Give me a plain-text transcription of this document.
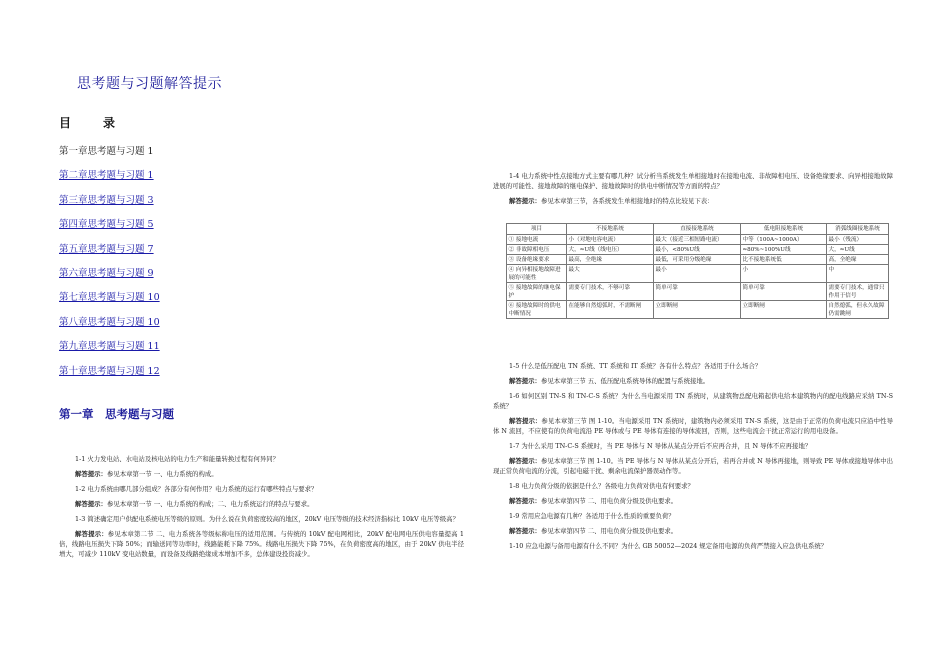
思考题与习题解答提示
目　录
第一章思考题与习题 1
第二章思考题与习题 1
第三章思考题与习题 3
第四章思考题与习题 5
第五章思考题与习题 7
第六章思考题与习题 9
第七章思考题与习题 10
第八章思考题与习题 10
第九章思考题与习题 11
第十章思考题与习题 12
第一章　思考题与习题

1-1 火力发电站、水电站及核电站的电力生产和能量转换过程有何异同？

解答提示：参见本章第一节 一、电力系统的构成。

1-2 电力系统由哪几部分组成？各部分有何作用？电力系统的运行有哪些特点与要求？

解答提示：参见本章第一节 一、电力系统的构成；二、电力系统运行的特点与要求。

1-3 简述确定用户供配电系统电压等级的原则。为什么说在负荷密度较高的地区，20kV 电压等级的技术经济指标比 10kV 电压等级高？

解答提示：参见本章第二节 二、电力系统各等级标称电压的适用范围。与传统的 10kV 配电网相比，20kV 配电网电压供电容量提高 1 倍，线路电压损失下降 50%；而输送同等功率时，线路能耗下降 75%。线路电压损失下降 75%，在负荷密度高的地区，由于 20kV 供电半径增大，可减少 110kV 变电站数量，而设备及线路绝缘成本增加不多，总体建设投资减少。

1-4 电力系统中性点接地方式主要有哪几种？试分析当系统发生单相接地时在接地电流、非故障相电压、设备绝缘要求、向异相接地故障进展的可能性、接地故障的继电保护、接地故障时的供电中断情况等方面的特点？

解答提示：参见本章第三节，各系统发生单相接地时的特点比较见下表：

项目	不接地系统	直接接地系统	低电阻接地系统	消弧线圈接地系统
① 接地电流	小（对地电容电流）	最大（接近三相短路电流）	中等（100A~1000A）	最小（残流）
② 非故障相电压	大，≈U线（线电压）	最小，<80%U线	≈80%~100%U线	大，≈U线
③ 设备绝缘要求	最高，全绝缘	最低，可采用分级绝缘	比不接地系统低	高，全绝缘
④ 向异相接地故障进展的可能性	最大	最小	小	中
⑤ 接地故障的继电保护	需要专门技术，不够可靠	简单可靠	简单可靠	需要专门技术，通常只作用于信号
⑥ 接地故障时的供电中断情况	在能够自然熄弧时，不需断闸	立即断闸	立即断闸	自然熄弧，但永久故障仍需跳闸

1-5 什么是低压配电 TN 系统、TT 系统和 IT 系统？各有什么特点？各适用于什么场合？

解答提示：参见本章第三节 五、低压配电系统导体的配置与系统接地。

1-6 如何区别 TN-S 和 TN-C-S 系统？为什么当电源采用 TN 系统时，从建筑物总配电箱起供电给本建筑物内的配电线路应采纳 TN-S 系统？

解答提示：参见本章第三节 图 1-10。当电源采用 TN 系统时，建筑物内必须采用 TN-S 系统，这是由于正常的负荷电流只应沿中性导体 N 流回，不应使有的负荷电流沿 PE 导体或与 PE 导体有连接的导体流回，否则，这些电流会干扰正常运行的用电设备。

1-7 为什么采用 TN-C-S 系统时，当 PE 导体与 N 导体从某点分开后不应再合并，且 N 导体不应再接地？

解答提示：参见本章第三节 图 1-10。当 PE 导体与 N 导体从某点分开后，若再合并或 N 导体再接地，则导致 PE 导体或接地导体中出现正常负荷电流的分流，引起电磁干扰、剩余电流保护器误动作等。

1-8 电力负荷分级的依据是什么？各级电力负荷对供电有何要求？

解答提示：参见本章第四节 二、用电负荷分级及供电要求。

1-9 常用应急电源有几种？各适用于什么性质的重要负荷？

解答提示：参见本章第四节 二、用电负荷分级及供电要求。

1-10 应急电源与备用电源有什么不同？为什么 GB 50052—2024 规定备用电源的负荷严禁接入应急供电系统？
